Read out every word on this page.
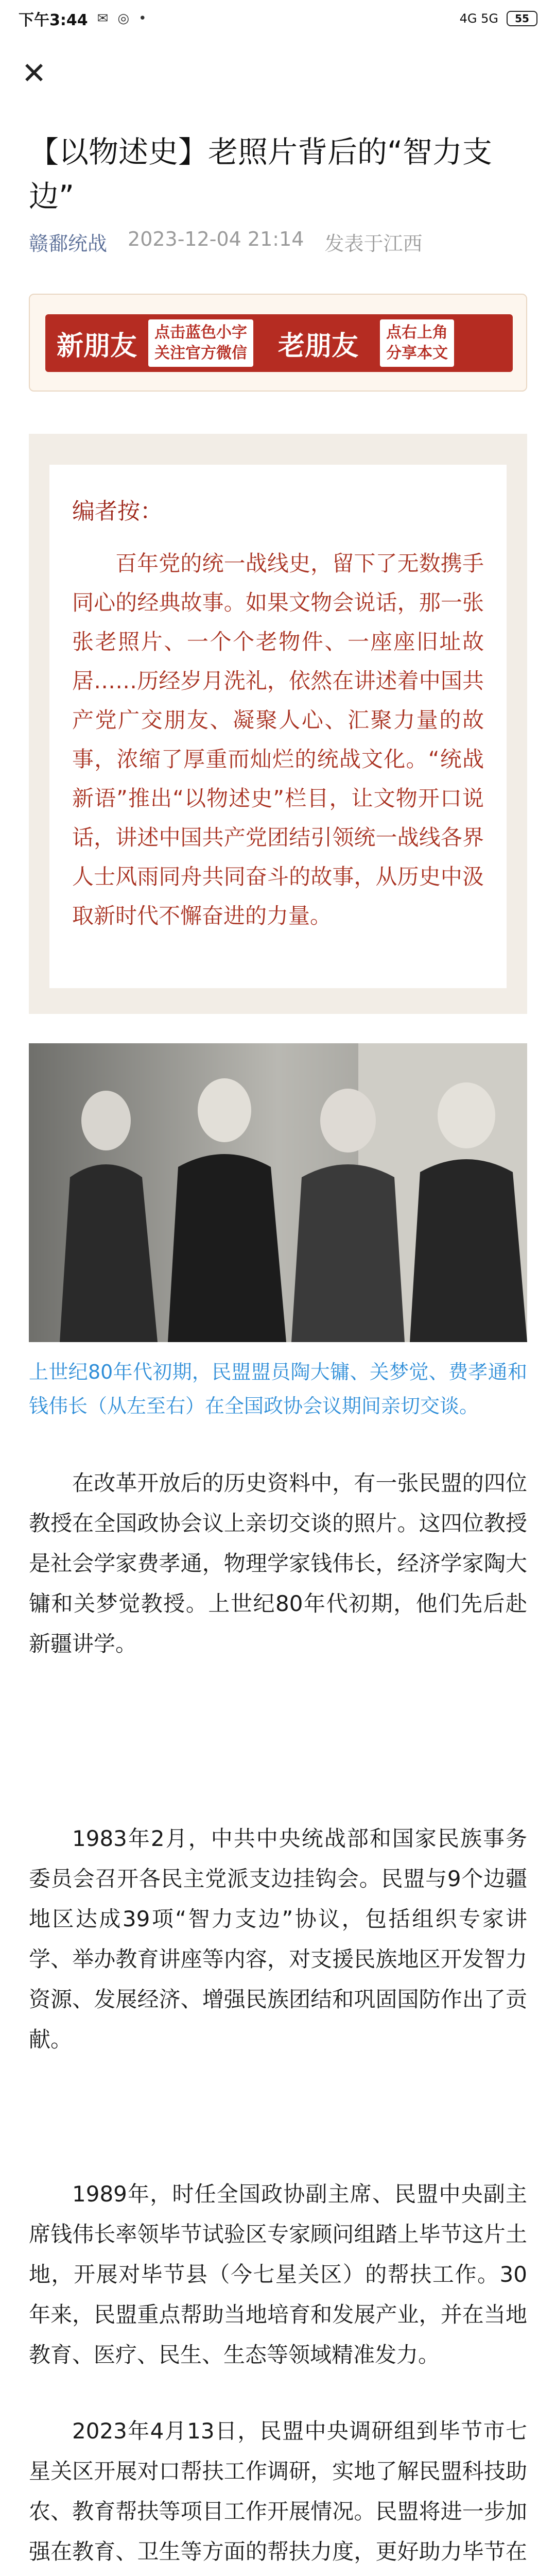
下午3:44 ✉ ◎ •	4G 5G 55
✕
【以物述史】老照片背后的“智力支边”
赣鄱统战 2023-12-04 21:14 发表于江西
新朋友	点击蓝色小字
关注官方微信	老朋友	点右上角
分享本文
编者按：

百年党的统一战线史，留下了无数携手同心的经典故事。如果文物会说话，那一张张老照片、一个个老物件、一座座旧址故居……历经岁月洗礼，依然在讲述着中国共产党广交朋友、凝聚人心、汇聚力量的故事，浓缩了厚重而灿烂的统战文化。“统战新语”推出“以物述史”栏目，让文物开口说话，讲述中国共产党团结引领统一战线各界人士风雨同舟共同奋斗的故事，从历史中汲取新时代不懈奋进的力量。

上世纪80年代初期，民盟盟员陶大镛、关梦觉、费孝通和钱伟长（从左至右）在全国政协会议期间亲切交谈。

在改革开放后的历史资料中，有一张民盟的四位教授在全国政协会议上亲切交谈的照片。这四位教授是社会学家费孝通，物理学家钱伟长，经济学家陶大镛和关梦觉教授。上世纪80年代初期，他们先后赴新疆讲学。

1983年2月，中共中央统战部和国家民族事务委员会召开各民主党派支边挂钩会。民盟与9个边疆地区达成39项“智力支边”协议，包括组织专家讲学、举办教育讲座等内容，对支援民族地区开发智力资源、发展经济、增强民族团结和巩固国防作出了贡献。

1989年，时任全国政协副主席、民盟中央副主席钱伟长率领毕节试验区专家顾问组踏上毕节这片土地，开展对毕节县（今七星关区）的帮扶工作。30年来，民盟重点帮助当地培育和发展产业，并在当地教育、医疗、民生、生态等领域精准发力。

2023年4月13日，民盟中央调研组到毕节市七星关区开展对口帮扶工作调研，实地了解民盟科技助农、教育帮扶等项目工作开展情况。民盟将进一步加强在教育、卫生等方面的帮扶力度，更好助力毕节在
